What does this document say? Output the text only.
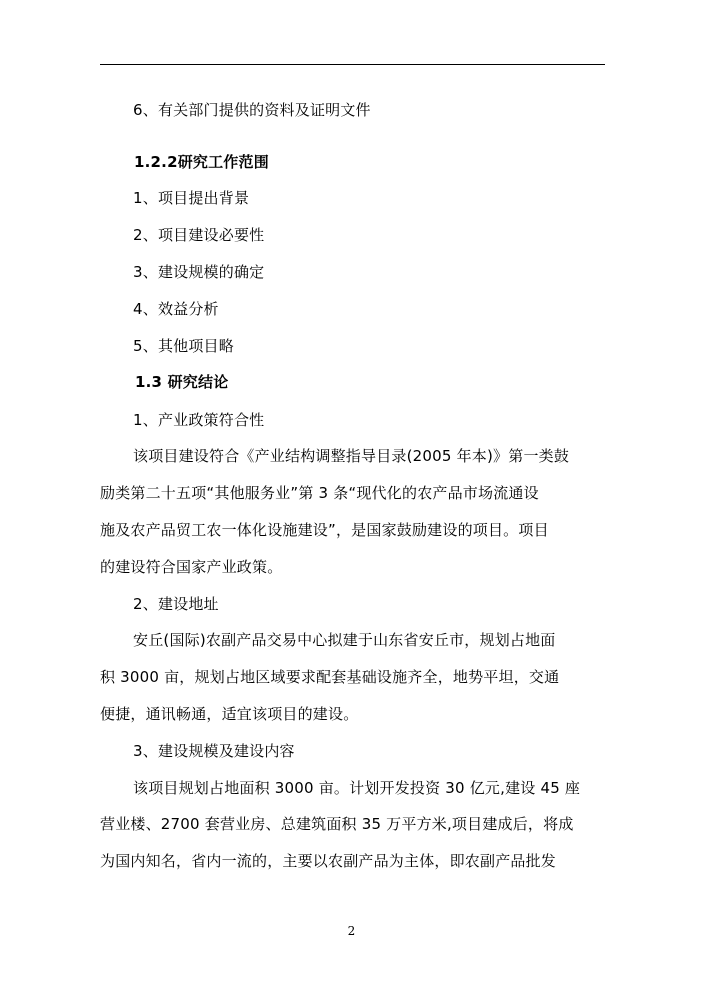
6、有关部门提供的资料及证明文件
1.2.2研究工作范围
1、项目提出背景
2、项目建设必要性
3、建设规模的确定
4、效益分析
5、其他项目略
1.3 研究结论
1、产业政策符合性
该项目建设符合《产业结构调整指导目录(2005 年本)》第一类鼓
励类第二十五项“其他服务业”第 3 条“现代化的农产品市场流通设
施及农产品贸工农一体化设施建设”，是国家鼓励建设的项目。项目
的建设符合国家产业政策。
2、建设地址
安丘(国际)农副产品交易中心拟建于山东省安丘市，规划占地面
积 3000 亩，规划占地区域要求配套基础设施齐全，地势平坦，交通
便捷，通讯畅通，适宜该项目的建设。
3、建设规模及建设内容
该项目规划占地面积 3000 亩。计划开发投资 30 亿元,建设 45 座
营业楼、2700 套营业房、总建筑面积 35 万平方米,项目建成后，将成
为国内知名，省内一流的，主要以农副产品为主体，即农副产品批发
2
